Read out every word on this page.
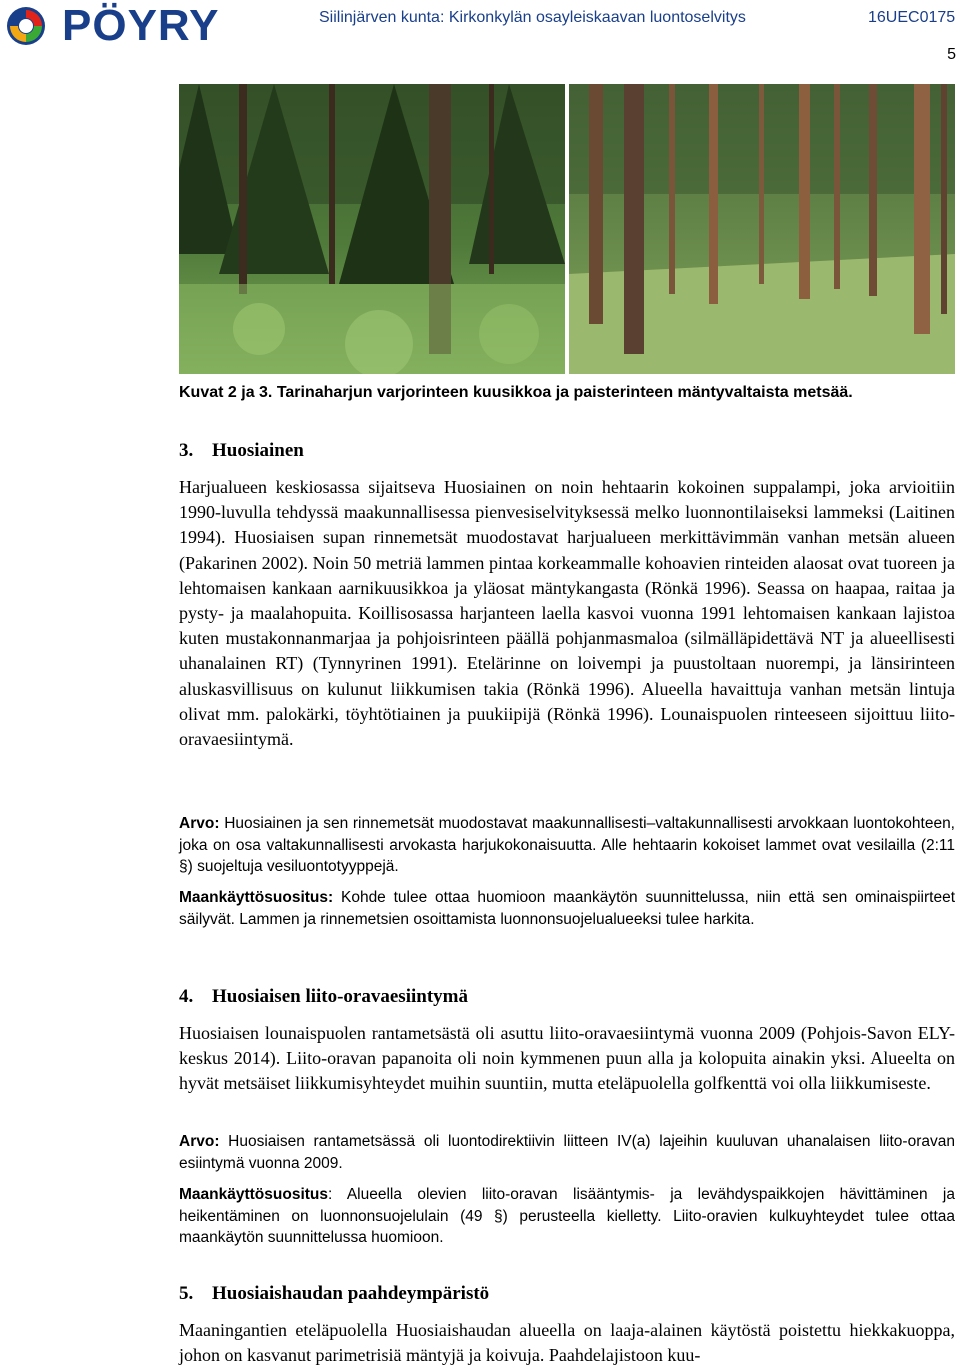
PÖYRY	Siilinjärven kunta: Kirkonkylän osayleiskaavan luontoselvitys	16UEC0175
5
Kuvat 2 ja 3. Tarinaharjun varjorinteen kuusikkoa ja paisterinteen mäntyvaltaista metsää.
3. Huosiainen
Harjualueen keskiosassa sijaitseva Huosiainen on noin hehtaarin kokoinen suppalampi, joka arvioitiin 1990-luvulla tehdyssä maakunnallisessa pienvesiselvityksessä melko luonnontilaiseksi lammeksi (Laitinen 1994). Huosiaisen supan rinnemetsät muodostavat harjualueen merkittävimmän vanhan metsän alueen (Pakarinen 2002). Noin 50 metriä lammen pintaa korkeammalle kohoavien rinteiden alaosat ovat tuoreen ja lehtomaisen kankaan aarnikuusikkoa ja yläosat mäntykangasta (Rönkä 1996). Seassa on haapaa, raitaa ja pysty- ja maalahopuita. Koillisosassa harjanteen laella kasvoi vuonna 1991 lehtomaisen kankaan lajistoa kuten mustakonnanmarjaa ja pohjoisrinteen päällä pohjanmasmaloa (silmälläpidettävä NT ja alueellisesti uhanalainen RT) (Tynnyrinen 1991). Etelärinne on loivempi ja puustoltaan nuorempi, ja länsirinteen aluskasvillisuus on kulunut liikkumisen takia (Rönkä 1996). Alueella havaittuja vanhan metsän lintuja olivat mm. palokärki, töyhtötiainen ja puukiipijä (Rönkä 1996). Lounaispuolen rinteeseen sijoittuu liito-oravaesiintymä.
Arvo: Huosiainen ja sen rinnemetsät muodostavat maakunnallisesti–valtakunnallisesti arvokkaan luontokohteen, joka on osa valtakunnallisesti arvokasta harjukokonaisuutta. Alle hehtaarin kokoiset lammet ovat vesilailla (2:11 §) suojeltuja vesiluontotyyppejä.
Maankäyttösuositus: Kohde tulee ottaa huomioon maankäytön suunnittelussa, niin että sen ominaispiirteet säilyvät. Lammen ja rinnemetsien osoittamista luonnonsuojelualueeksi tulee harkita.
4. Huosiaisen liito-oravaesiintymä
Huosiaisen lounaispuolen rantametsästä oli asuttu liito-oravaesiintymä vuonna 2009 (Pohjois-Savon ELY-keskus 2014). Liito-oravan papanoita oli noin kymmenen puun alla ja kolopuita ainakin yksi. Alueelta on hyvät metsäiset liikkumisyhteydet muihin suuntiin, mutta eteläpuolella golfkenttä voi olla liikkumiseste.
Arvo: Huosiaisen rantametsässä oli luontodirektiivin liitteen IV(a) lajeihin kuuluvan uhanalaisen liito-oravan esiintymä vuonna 2009.
Maankäyttösuositus: Alueella olevien liito-oravan lisääntymis- ja levähdyspaikkojen hävittäminen ja heikentäminen on luonnonsuojelulain (49 §) perusteella kielletty. Liito-oravien kulkuyhteydet tulee ottaa maankäytön suunnittelussa huomioon.
5. Huosiaishaudan paahdeympäristö
Maaningantien eteläpuolella Huosiaishaudan alueella on laaja-alainen käytöstä poistettu hiekkakuoppa, johon on kasvanut parimetrisiä mäntyjä ja koivuja. Paahdelajistoon kuu-
